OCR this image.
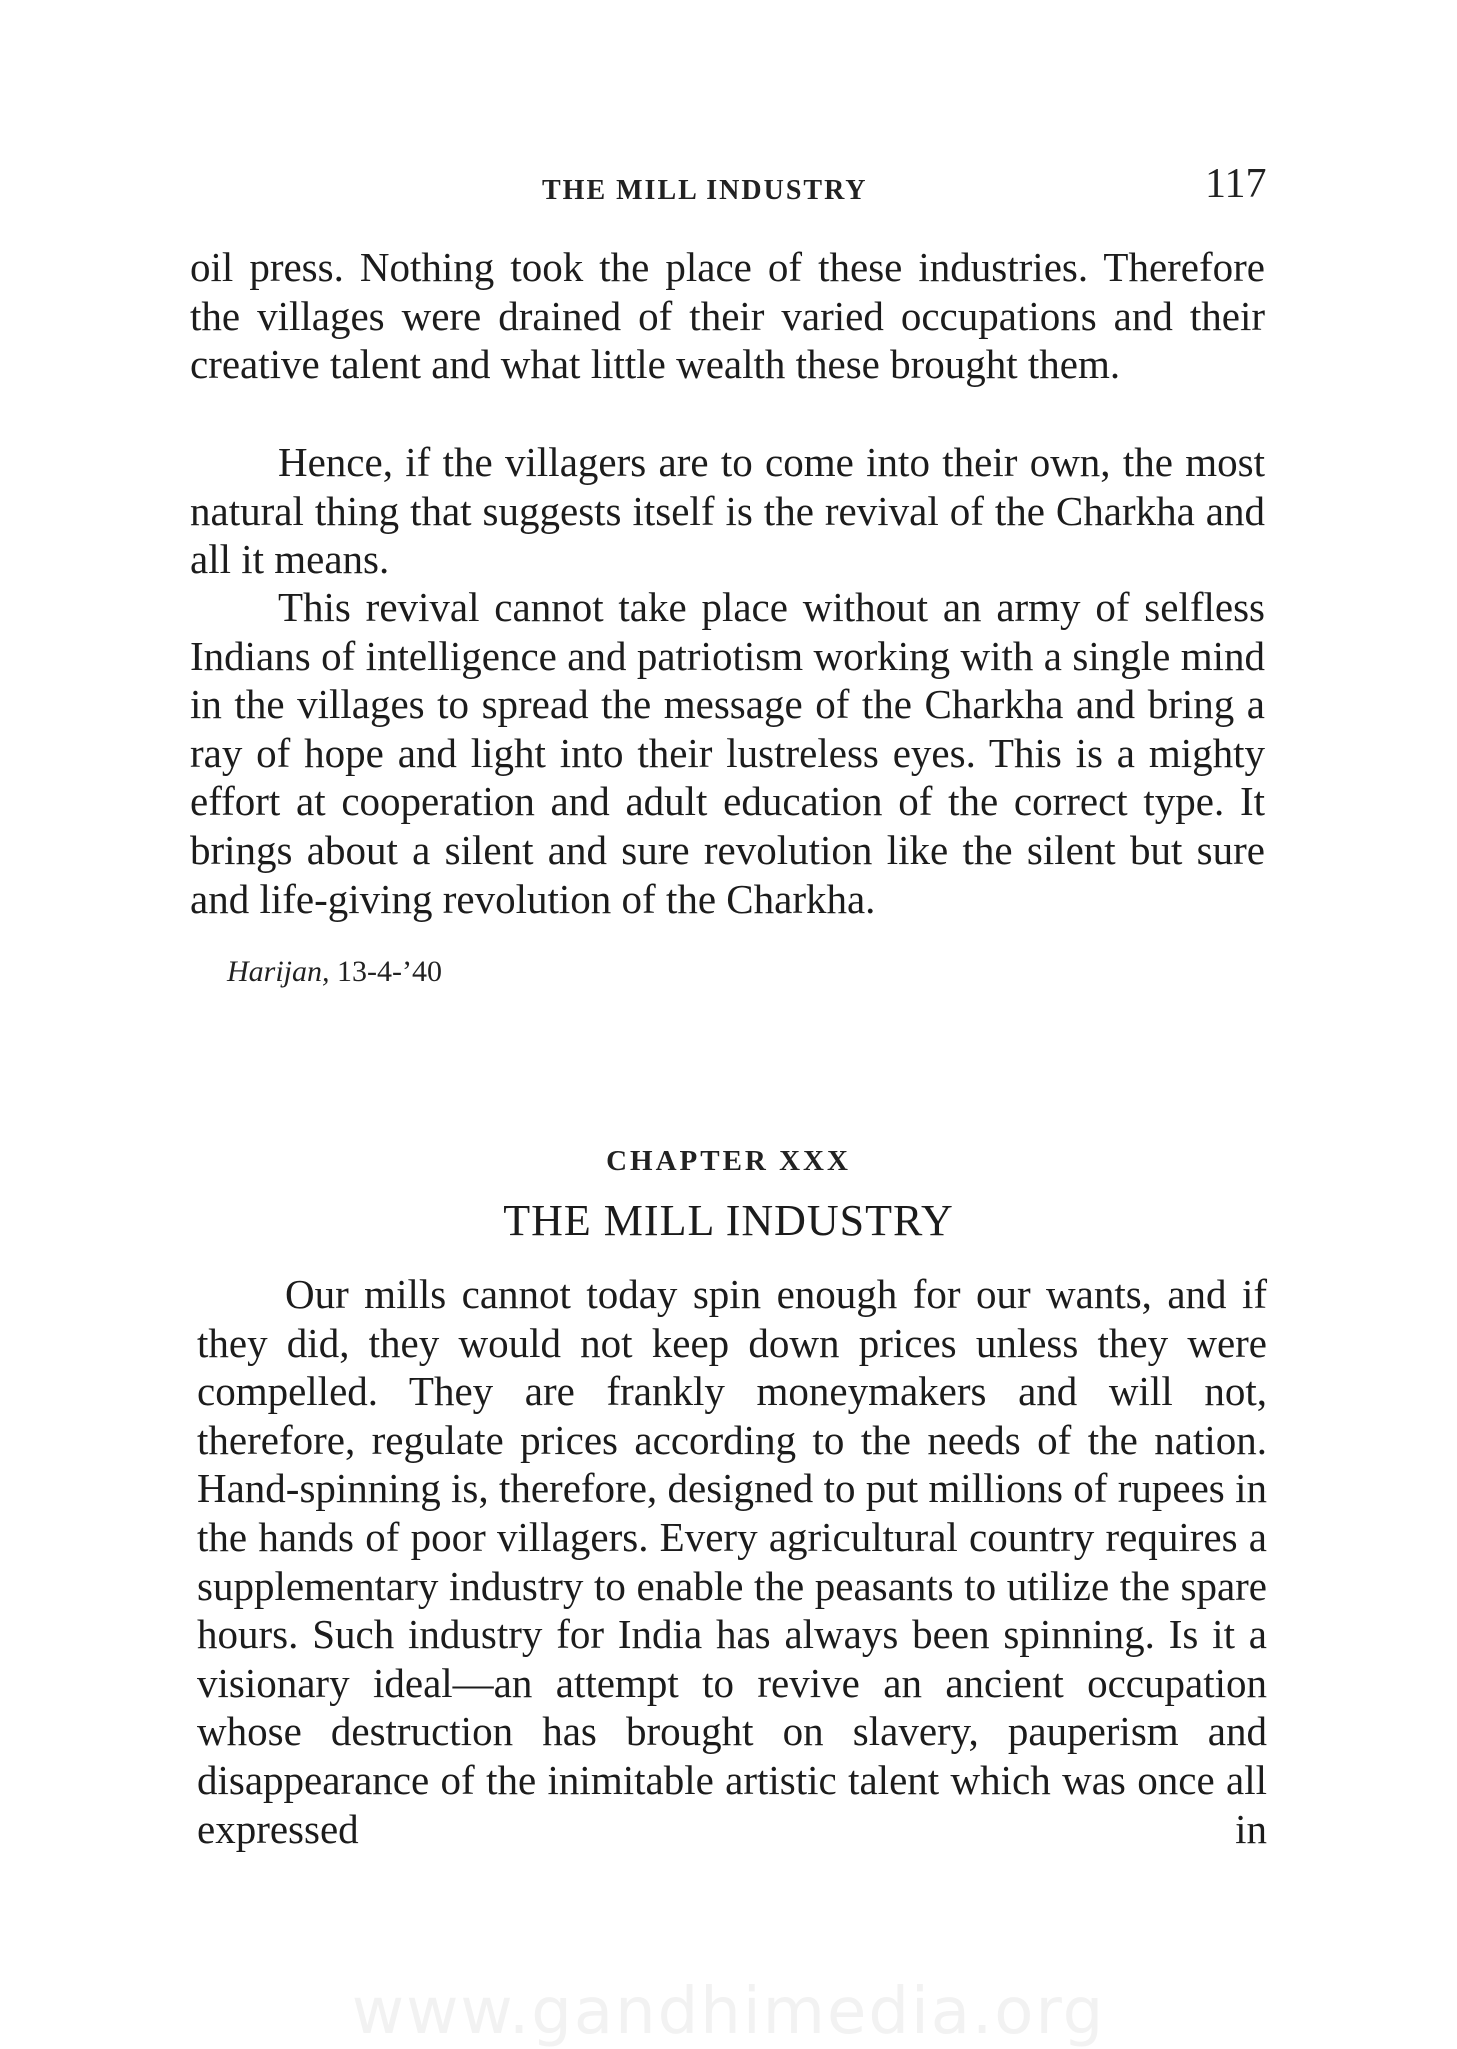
THE MILL INDUSTRY	117

oil press. Nothing took the place of these industries. Therefore the villages were drained of their varied occupations and their creative talent and what little wealth these brought them.

Hence, if the villagers are to come into their own, the most natural thing that suggests itself is the revival of the Charkha and all it means.

This revival cannot take place without an army of selfless Indians of intelligence and patriotism working with a single mind in the villages to spread the message of the Charkha and bring a ray of hope and light into their lustreless eyes. This is a mighty effort at cooperation and adult education of the correct type. It brings about a silent and sure revolution like the silent but sure and life-giving revolution of the Charkha.

Harijan, 13-4-’40
CHAPTER XXX
THE MILL INDUSTRY

Our mills cannot today spin enough for our wants, and if they did, they would not keep down prices unless they were compelled. They are frankly moneymakers and will not, therefore, regulate prices according to the needs of the nation. Hand-spinning is, therefore, designed to put millions of rupees in the hands of poor villagers. Every agricultural country requires a supplementary industry to enable the peasants to utilize the spare hours. Such industry for India has always been spinning. Is it a visionary ideal—an attempt to revive an ancient occupation whose destruction has brought on slavery, pauperism and disappearance of the inimitable artistic talent which was once all expressed in

www.gandhimedia.org
